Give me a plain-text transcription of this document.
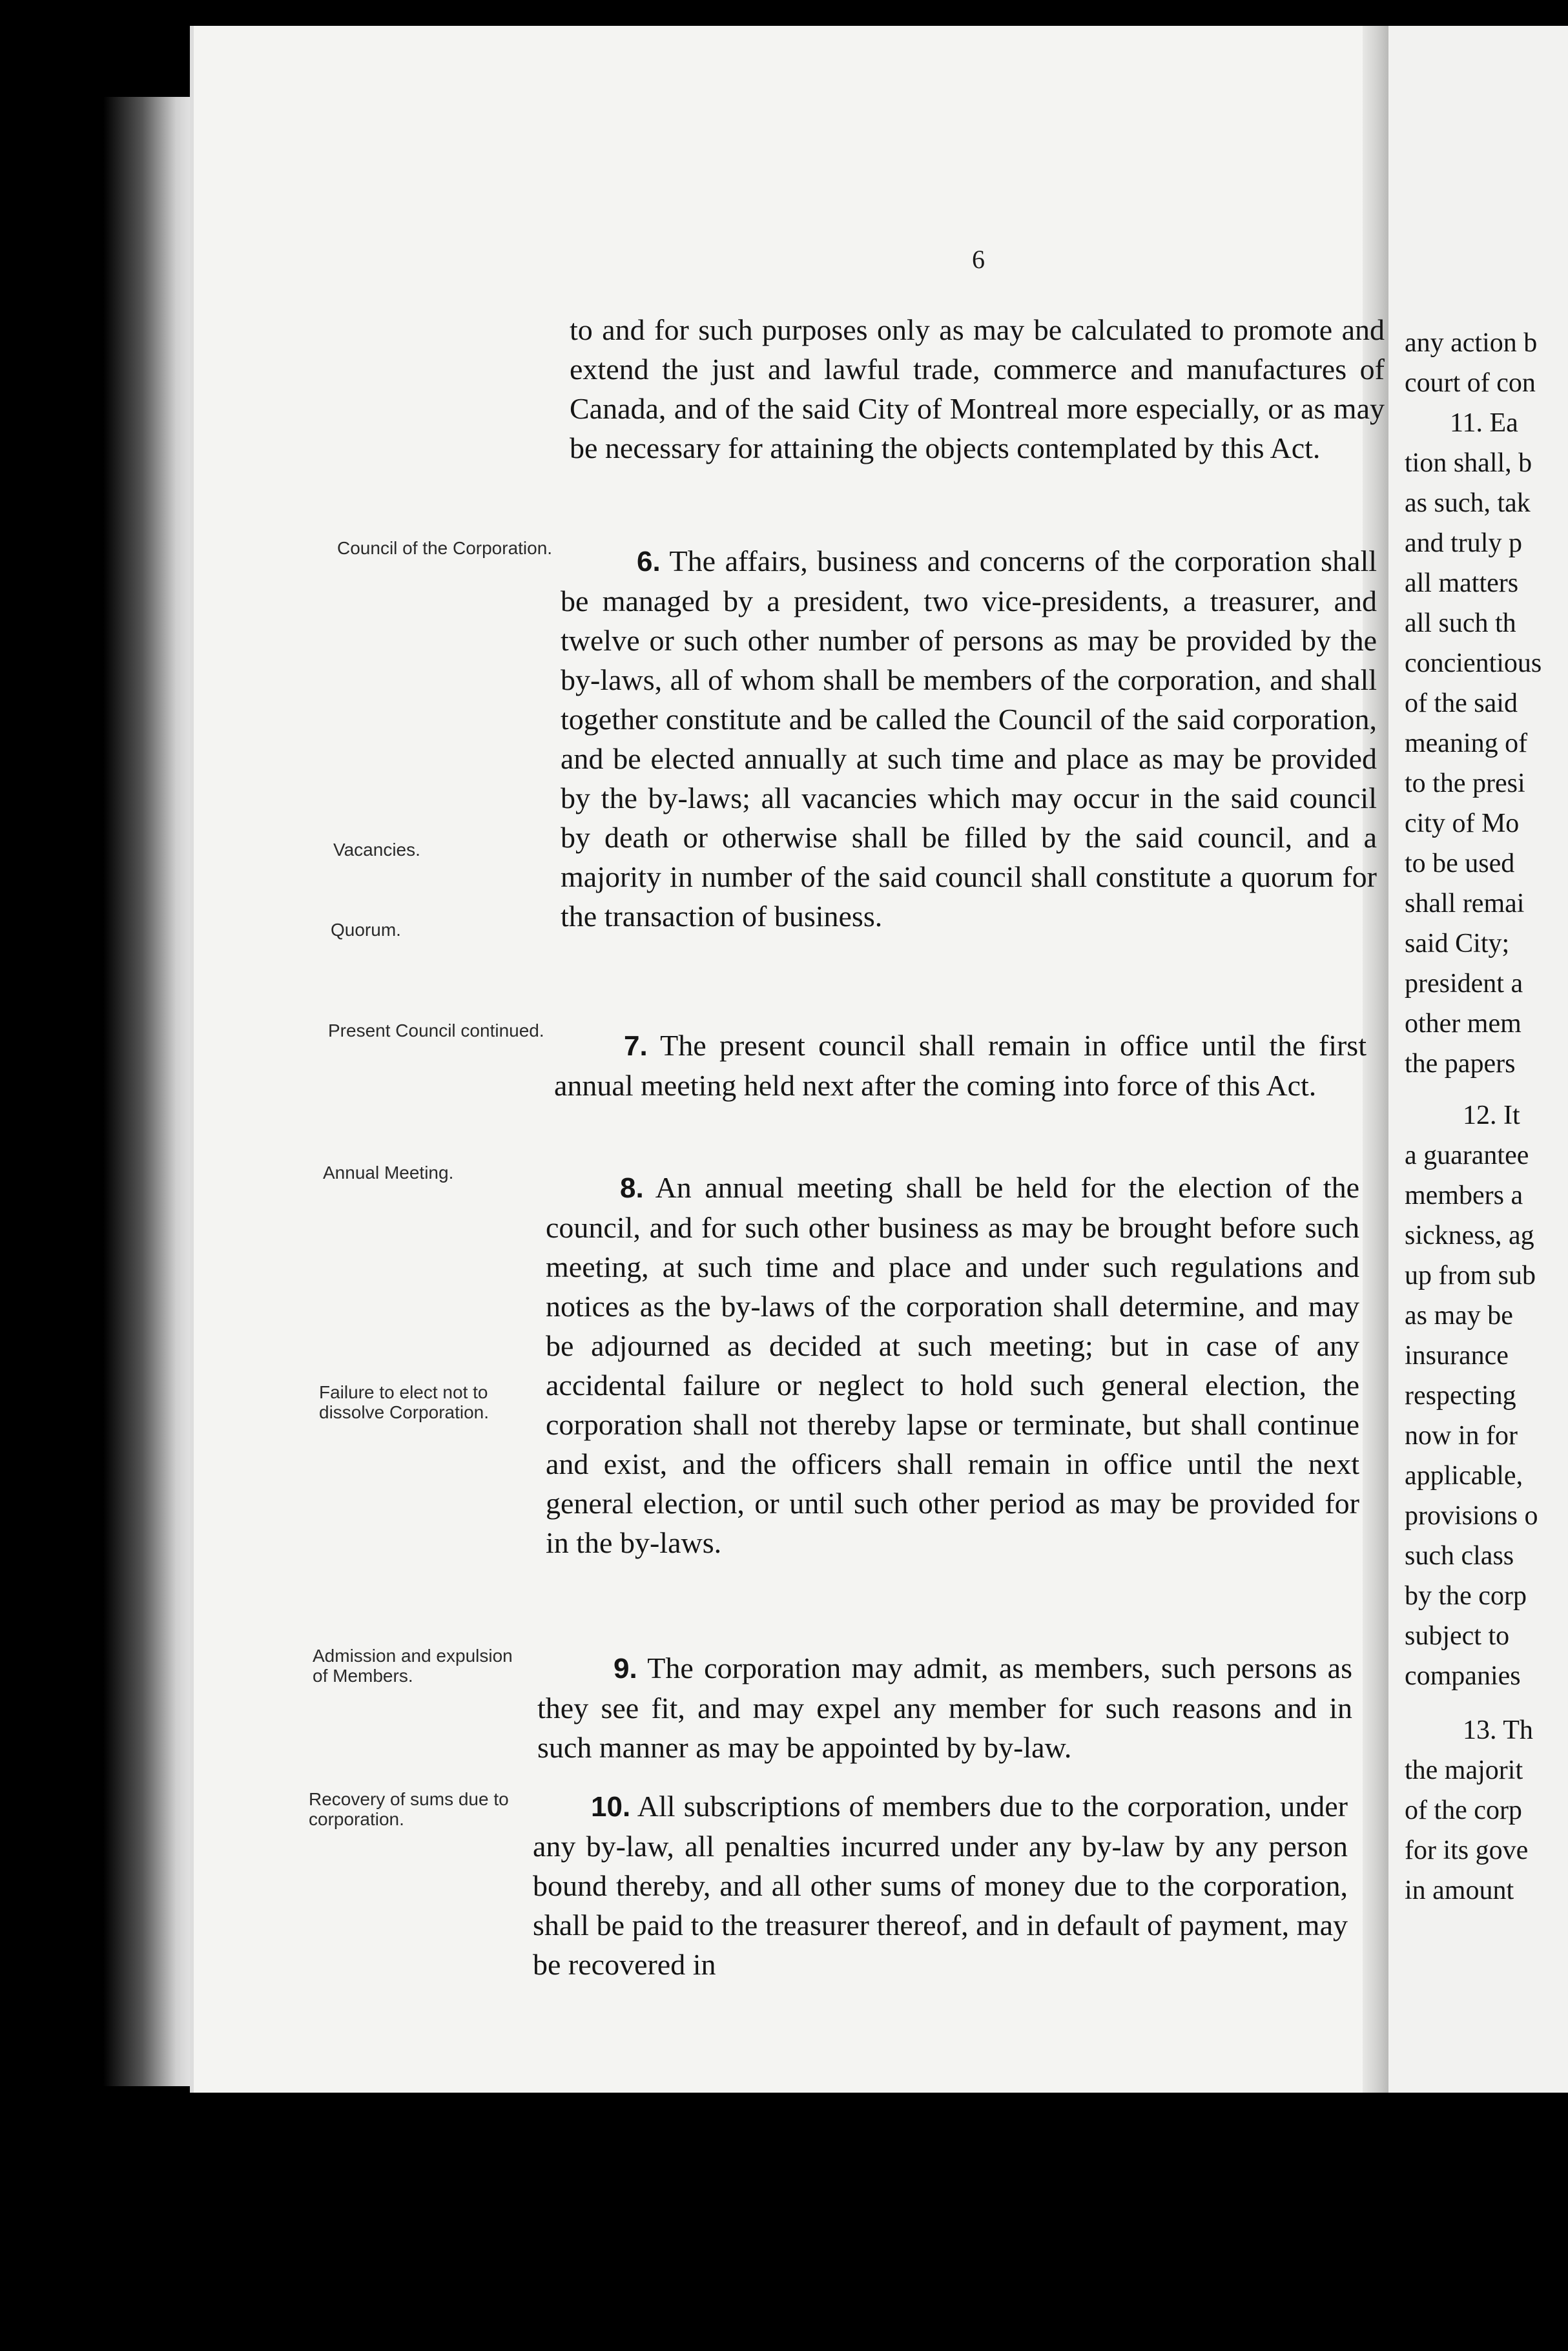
6
to and for such purposes only as may be calculated to promote and extend the just and lawful trade, commerce and manufactures of Canada, and of the said City of Montreal more especially, or as may be necessary for attaining the objects contemplated by this Act.
6. The affairs, business and concerns of the corporation shall be managed by a president, two vice-presidents, a treasurer, and twelve or such other number of persons as may be provided by the by-laws, all of whom shall be members of the corporation, and shall together constitute and be called the Council of the said corporation, and be elected annually at such time and place as may be provided by the by-laws; all vacancies which may occur in the said council by death or otherwise shall be filled by the said council, and a majority in number of the said council shall constitute a quorum for the transaction of business.
7. The present council shall remain in office until the first annual meeting held next after the coming into force of this Act.
8. An annual meeting shall be held for the election of the council, and for such other business as may be brought before such meeting, at such time and place and under such regulations and notices as the by-laws of the corporation shall determine, and may be adjourned as decided at such meeting; but in case of any accidental failure or neglect to hold such general election, the corporation shall not thereby lapse or terminate, but shall continue and exist, and the officers shall remain in office until the next general election, or until such other period as may be provided for in the by-laws.
9. The corporation may admit, as members, such persons as they see fit, and may expel any member for such reasons and in such manner as may be appointed by by-law.
10. All subscriptions of members due to the corporation, under any by-law, all penalties incurred under any by-law by any person bound thereby, and all other sums of money due to the corporation, shall be paid to the treasurer thereof, and in default of payment, may be recovered in
Council of the Corporation.
Vacancies.
Quorum.
Present Council continued.
Annual Meeting.
Failure to elect not to dissolve Corporation.
Admission and expulsion of Members.
Recovery of sums due to corporation.
any action b
court of con
11. Ea
tion shall, b
as such, tak
and truly p
all matters
all such th
concientious
of the said
meaning of
to the presi
city of Mo
to be used
shall remai
said City;
president a
other mem
the papers
12. It
a guarantee
members a
sickness, ag
up from sub
as may be
insurance
respecting
now in for
applicable,
provisions o
such class
by the corp
subject to
companies
13. Th
the majorit
of the corp
for its gove
in amount
